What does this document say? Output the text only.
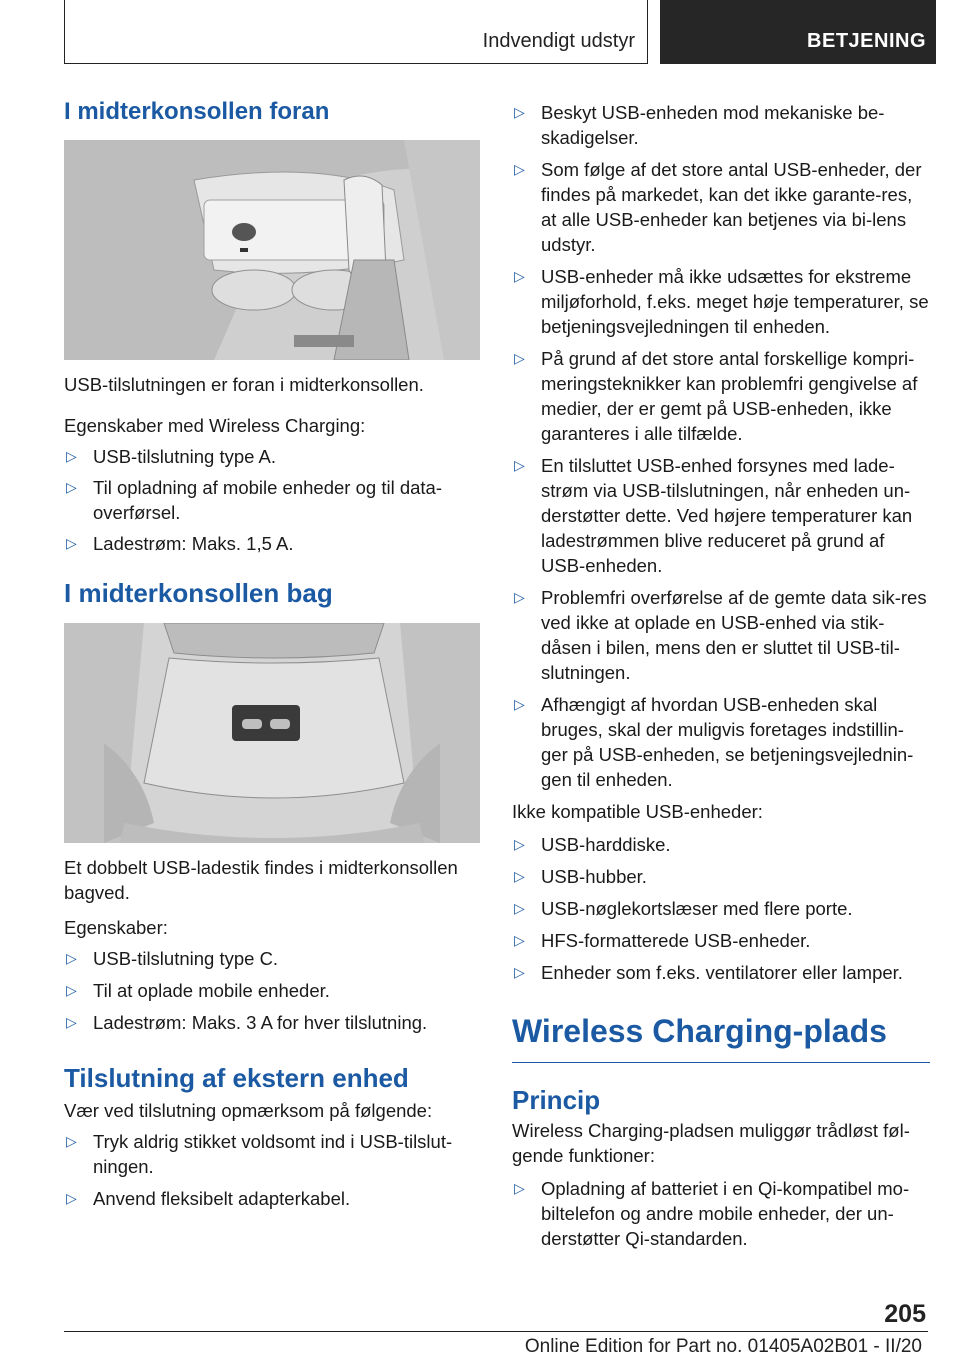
Indvendigt udstyr	BETJENING
I midterkonsollen foran

USB-tilslutningen er foran i midterkonsollen.

Egenskaber med Wireless Charging:

▷ USB-tilslutning type A.
▷ Til opladning af mobile enheder og til data-overførsel.
▷ Ladestrøm: Maks. 1,5 A.
I midterkonsollen bag

Et dobbelt USB-ladestik findes i midterkonsollen bagved.

Egenskaber:

▷ USB-tilslutning type C.
▷ Til at oplade mobile enheder.
▷ Ladestrøm: Maks. 3 A for hver tilslutning.
Tilslutning af ekstern enhed

Vær ved tilslutning opmærksom på følgende:

▷ Tryk aldrig stikket voldsomt ind i USB-tilslut-ningen.
▷ Anvend fleksibelt adapterkabel.
▷ Beskyt USB-enheden mod mekaniske be-skadigelser.
▷ Som følge af det store antal USB-enheder, der findes på markedet, kan det ikke garante-res, at alle USB-enheder kan betjenes via bi-lens udstyr.
▷ USB-enheder må ikke udsættes for ekstreme miljøforhold, f.eks. meget høje temperaturer, se betjeningsvejledningen til enheden.
▷ På grund af det store antal forskellige kompri-meringsteknikker kan problemfri gengivelse af medier, der er gemt på USB-enheden, ikke garanteres i alle tilfælde.
▷ En tilsluttet USB-enhed forsynes med lade-strøm via USB-tilslutningen, når enheden un-derstøtter dette. Ved højere temperaturer kan ladestrømmen blive reduceret på grund af USB-enheden.
▷ Problemfri overførelse af de gemte data sik-res ved ikke at oplade en USB-enhed via stik-dåsen i bilen, mens den er sluttet til USB-til-slutningen.
▷ Afhængigt af hvordan USB-enheden skal bruges, skal der muligvis foretages indstillin-ger på USB-enheden, se betjeningsvejlednin-gen til enheden.

Ikke kompatible USB-enheder:

▷ USB-harddiske.
▷ USB-hubber.
▷ USB-nøglekortslæser med flere porte.
▷ HFS-formatterede USB-enheder.
▷ Enheder som f.eks. ventilatorer eller lamper.
Wireless Charging-plads
Princip

Wireless Charging-pladsen muliggør trådløst føl-gende funktioner:

▷ Opladning af batteriet i en Qi-kompatibel mo-biltelefon og andre mobile enheder, der un-derstøtter Qi-standarden.
205
Online Edition for Part no. 01405A02B01 - II/20
